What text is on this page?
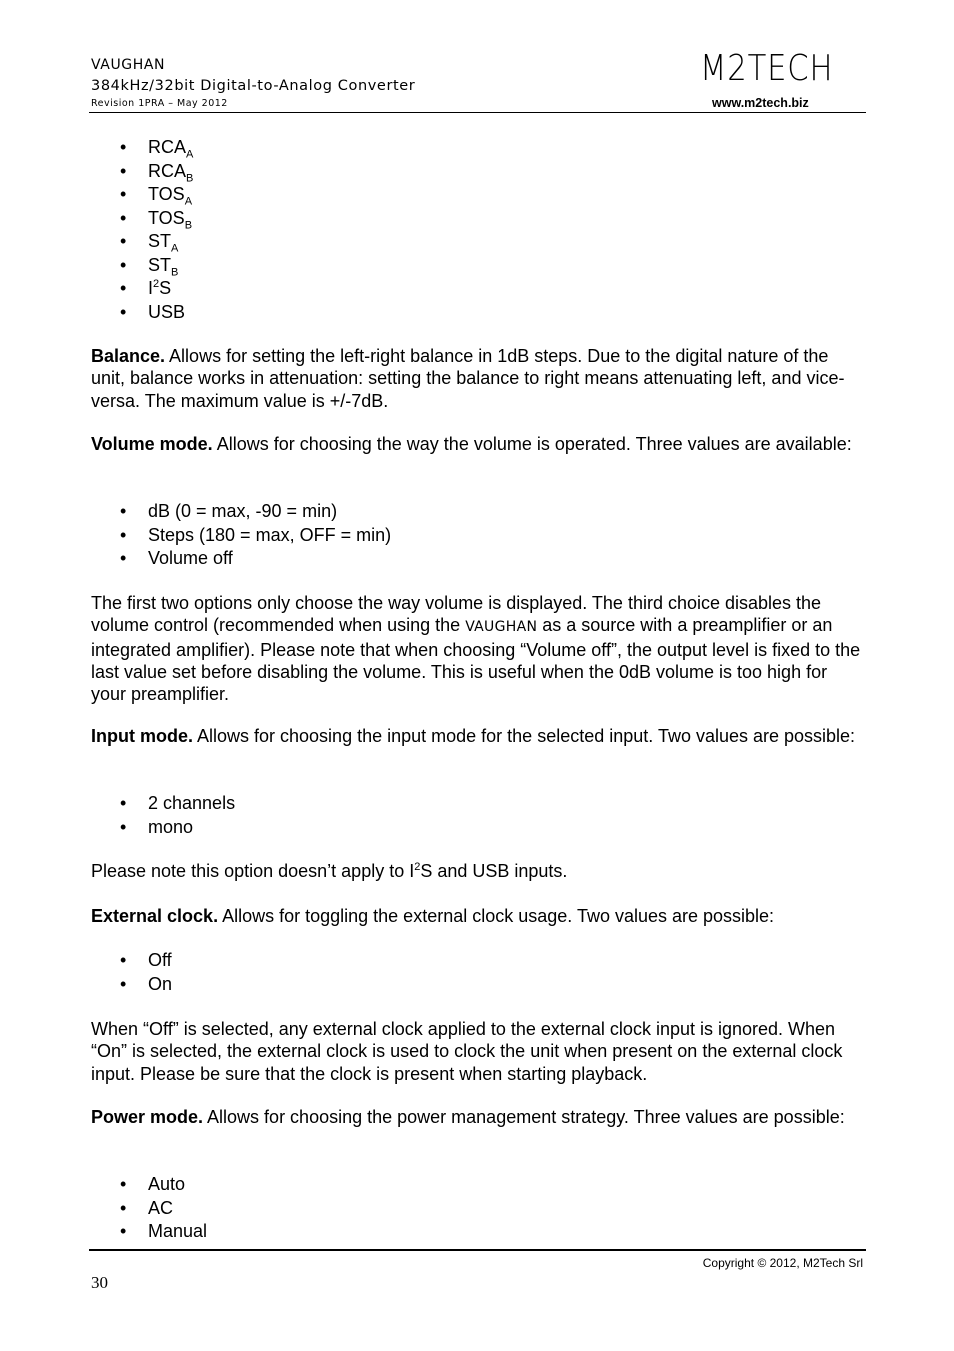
VAUGHAN
384kHz/32bit Digital-to-Analog Converter
Revision 1PRA – May 2012
M2TECH
www.m2tech.biz
• $RCA_A$
• $RCA_B$
• $TOS_A$
• $TOS_B$
• $ST_A$
• $ST_B$
• $I^2S$
• USB

Balance. Allows for setting the left-right balance in 1dB steps. Due to the digital nature of the unit, balance works in attenuation: setting the balance to right means attenuating left, and vice-versa. The maximum value is +/-7dB.

Volume mode. Allows for choosing the way the volume is operated. Three values are available:

• dB (0 = max, -90 = min)
• Steps (180 = max, OFF = min)
• Volume off

The first two options only choose the way volume is displayed. The third choice disables the volume control (recommended when using the VAUGHAN as a source with a preamplifier or an integrated amplifier). Please note that when choosing “Volume off”, the output level is fixed to the last value set before disabling the volume. This is useful when the 0dB volume is too high for your preamplifier.

Input mode. Allows for choosing the input mode for the selected input. Two values are possible:

• 2 channels
• mono

Please note this option doesn’t apply to $I^2S$ and USB inputs.

External clock. Allows for toggling the external clock usage. Two values are possible:

• Off
• On

When “Off” is selected, any external clock applied to the external clock input is ignored. When “On” is selected, the external clock is used to clock the unit when present on the external clock input. Please be sure that the clock is present when starting playback.

Power mode. Allows for choosing the power management strategy. Three values are possible:

• Auto
• AC
• Manual
Copyright © 2012, M2Tech Srl
30
